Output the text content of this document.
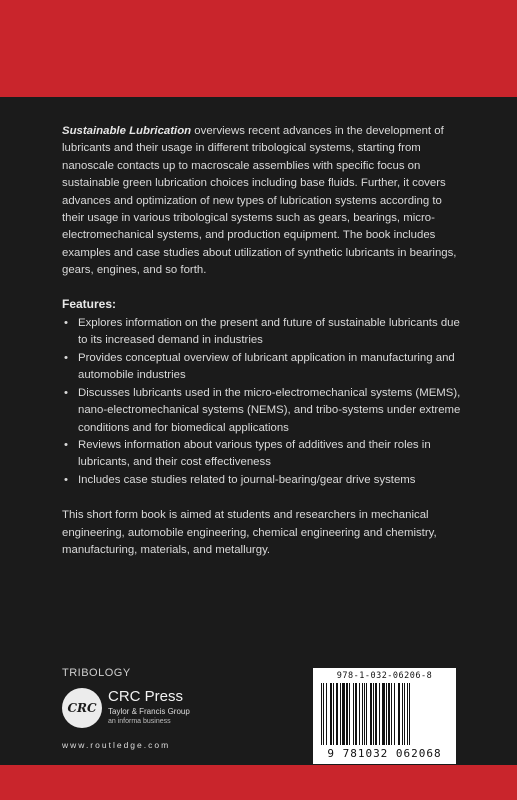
Sustainable Lubrication overviews recent advances in the development of lubricants and their usage in different tribological systems, starting from nanoscale contacts up to macroscale assemblies with specific focus on sustainable green lubrication choices including base fluids. Further, it covers advances and optimization of new types of lubrication systems according to their usage in various tribological systems such as gears, bearings, micro-electromechanical systems, and production equipment. The book includes examples and case studies about utilization of synthetic lubricants in bearings, gears, engines, and so forth.

Features:
• Explores information on the present and future of sustainable lubricants due to its increased demand in industries
• Provides conceptual overview of lubricant application in manufacturing and automobile industries
• Discusses lubricants used in the micro-electromechanical systems (MEMS), nano-electromechanical systems (NEMS), and tribo-systems under extreme conditions and for biomedical applications
• Reviews information about various types of additives and their roles in lubricants, and their cost effectiveness
• Includes case studies related to journal-bearing/gear drive systems

This short form book is aimed at students and researchers in mechanical engineering, automobile engineering, chemical engineering and chemistry, manufacturing, materials, and metallurgy.

TRIBOLOGY
CRC
CRC Press
Taylor & Francis Group
an informa business
www.routledge.com
978-1-032-06206-8
9 781032 062068
